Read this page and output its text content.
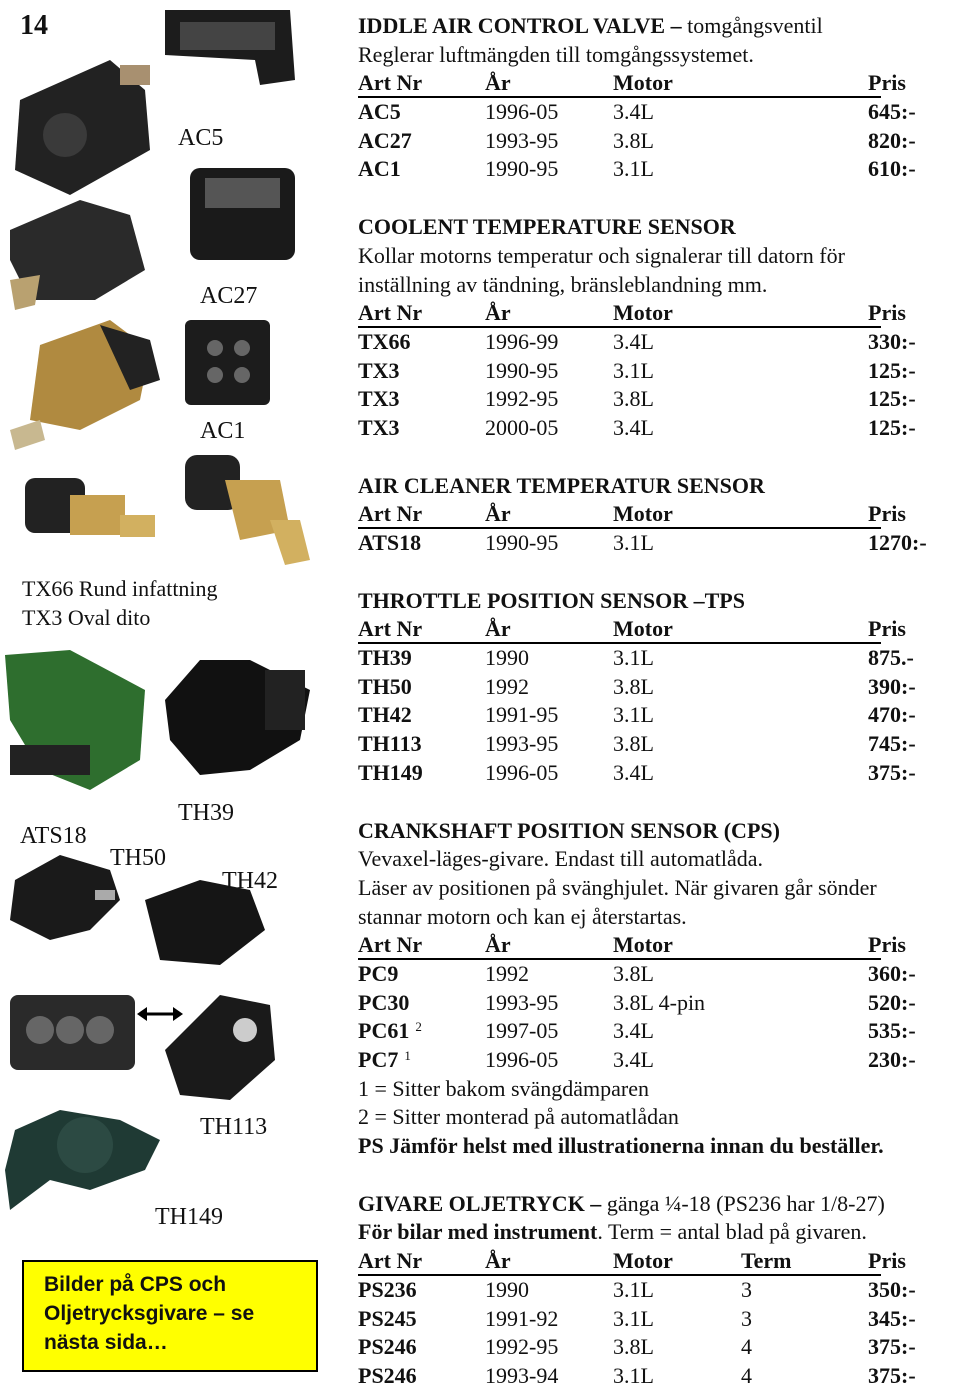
14
AC5
AC27
AC1
TX66 Rund infattning
TX3 Oval dito
TH39
ATS18
TH50
TH42
TH113
TH149
Bilder på CPS och
Oljetrycksgivare – se
nästa sida…
IDDLE AIR CONTROL VALVE – tomgångsventil
Reglerar luftmängden till tomgångssystemet.
Art Nr	År	Motor	Pris
AC5	1996-05 3.4L	645:-
AC27	1993-95 3.8L	820:-
AC1	1990-95 3.1L	610:-
COOLENT TEMPERATURE SENSOR
Kollar motorns temperatur och signalerar till datorn för
inställning av tändning, bränsleblandning mm.
Art Nr	År	Motor	Pris
TX66	1996-99 3.4L	330:-
TX3	1990-95 3.1L	125:-
TX3	1992-95 3.8L	125:-
TX3	2000-05 3.4L	125:-
AIR CLEANER TEMPERATUR SENSOR
Art Nr	År	Motor	Pris
ATS18	1990-95 3.1L	1270:-
THROTTLE POSITION SENSOR –TPS
Art Nr	År	Motor	Pris
TH39	1990	3.1L	875.-
TH50	1992	3.8L	390:-
TH42	1991-95 3.1L	470:-
TH113	1993-95 3.8L	745:-
TH149	1996-05 3.4L	375:-
CRANKSHAFT POSITION SENSOR (CPS)
Vevaxel-läges-givare. Endast till automatlåda.
Läser av positionen på svänghjulet. När givaren går sönder
stannar motorn och kan ej återstartas.
Art Nr	År	Motor	Pris
PC9	1992	3.8L	360:-
PC30	1993-95 3.8L 4-pin	520:-
PC61 $^2$	1997-05 3.4L	535:-
PC7 $^1$	1996-05 3.4L	230:-
1 = Sitter bakom svängdämparen
2 = Sitter monterad på automatlådan
PS Jämför helst med illustrationerna innan du beställer.
GIVARE OLJETRYCK – gänga ¼-18 (PS236 har 1/8-27)
För bilar med instrument. Term = antal blad på givaren.
Art Nr	År	Motor	Term	Pris
PS236	1990	3.1L	3	350:-
PS245	1991-92 3.1L	3	345:-
PS246	1992-95 3.8L	4	375:-
PS246	1993-94 3.1L	4	375:-
